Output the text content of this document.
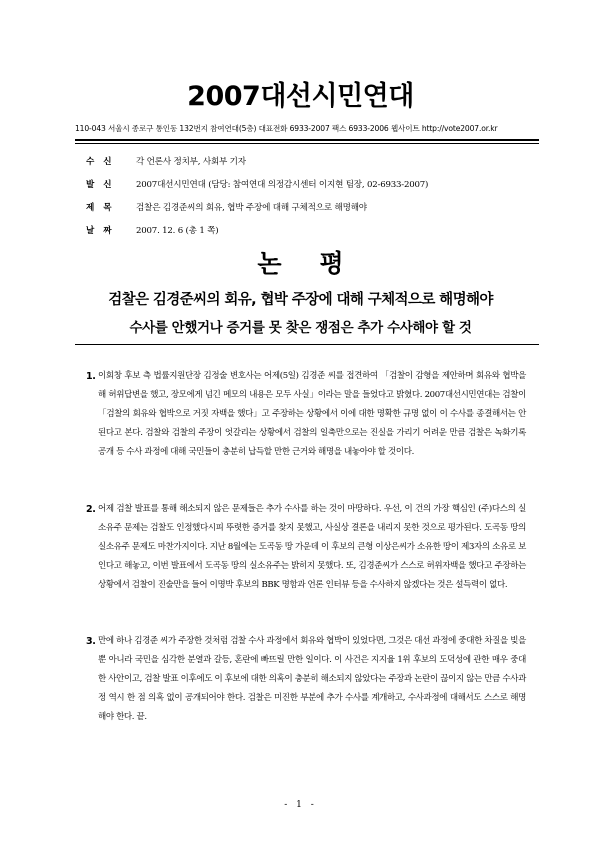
2007대선시민연대
110-043 서울시 종로구 통인동 132번지 참여연대(5층) 대표전화 6933-2007 팩스 6933-2006 웹사이트 http://vote2007.or.kr
수신	각 언론사 정치부, 사회부 기자
발신	2007대선시민연대 (담당: 참여연대 의정감시센터 이지현 팀장, 02-6933-2007)
제목	검찰은 김경준씨의 회유, 협박 주장에 대해 구체적으로 해명해야
날짜	2007. 12. 6 (총 1 쪽)
논평
검찰은 김경준씨의 회유, 협박 주장에 대해 구체적으로 해명해야
수사를 안했거나 증거를 못 찾은 쟁점은 추가 수사해야 할 것
1. 이회창 후보 측 법률지원단장 김정술 변호사는 어제(5일) 김경준 씨를 접견하여 「검찰이 감형을 제안하며 회유와 협박을 해 허위답변을 했고, 장모에게 넘긴 메모의 내용은 모두 사실」이라는 말을 들었다고 밝혔다. 2007대선시민연대는 검찰이 「검찰의 회유와 협박으로 거짓 자백을 했다」고 주장하는 상황에서 이에 대한 명확한 규명 없이 이 수사를 종결해서는 안 된다고 본다. 검찰와 검찰의 주장이 엇갈리는 상황에서 검찰의 일축만으로는 진실을 가리기 어려운 만큼 검찰은 녹화기록 공개 등 수사 과정에 대해 국민들이 충분히 납득할 만한 근거와 해명을 내놓아야 할 것이다.
2. 어제 검찰 발표를 통해 해소되지 않은 문제들은 추가 수사를 하는 것이 마땅하다. 우선, 이 건의 가장 핵심인 (주)다스의 실소유주 문제는 검찰도 인정했다시피 뚜렷한 증거를 찾지 못했고, 사실상 결론을 내리지 못한 것으로 평가된다. 도곡동 땅의 실소유주 문제도 마찬가지이다. 지난 8월에는 도곡동 땅 가운데 이 후보의 큰형 이상은씨가 소유한 땅이 제3자의 소유로 보인다고 해놓고, 이번 발표에서 도곡동 땅의 실소유주는 밝히지 못했다. 또, 김경준씨가 스스로 허위자백을 했다고 주장하는 상황에서 검찰이 진술만을 들어 이명박 후보의 BBK 명함과 언론 인터뷰 등을 수사하지 않겠다는 것은 설득력이 없다.
3. 만에 하나 김경준 씨가 주장한 것처럼 검찰 수사 과정에서 회유와 협박이 있었다면, 그것은 대선 과정에 중대한 차질을 빚을 뿐 아니라 국민을 심각한 분열과 갈등, 혼란에 빠뜨릴 만한 일이다. 이 사건은 지지율 1위 후보의 도덕성에 관한 매우 중대한 사안이고, 검찰 발표 이후에도 이 후보에 대한 의혹이 충분히 해소되지 않았다는 주장과 논란이 끊이지 않는 만큼 수사과정 역시 한 점 의혹 없이 공개되어야 한다. 검찰은 미진한 부분에 추가 수사를 계개하고, 수사과정에 대해서도 스스로 해명해야 한다. 끝.
- 1 -
